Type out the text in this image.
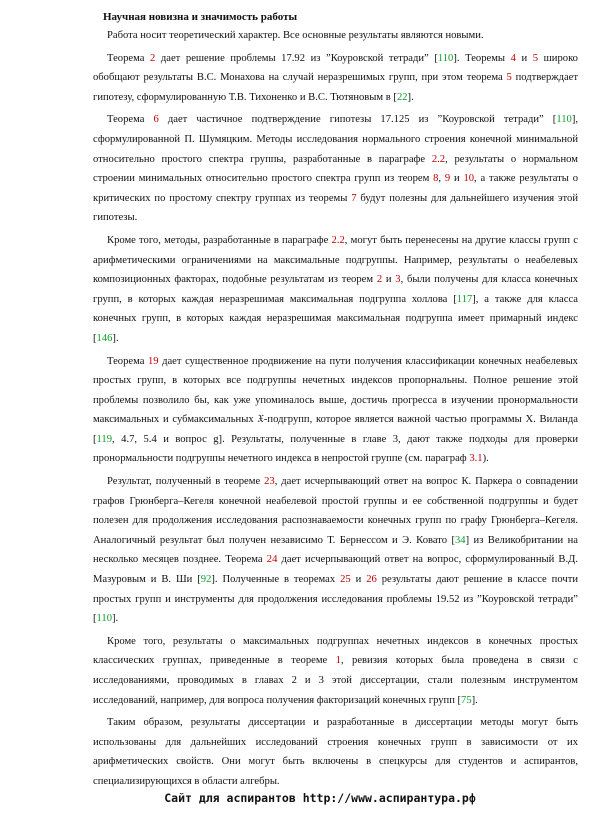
Научная новизна и значимость работы

Работа носит теоретический характер. Все основные результаты являются новыми.

Теорема 2 дает решение проблемы 17.92 из ”Коуровской тетради” [110]. Теоремы 4 и 5 широко обобщают результаты В.С. Монахова на случай неразрешимых групп, при этом теорема 5 подтверждает гипотезу, сформулированную Т.В. Тихоненко и В.С. Тютяновым в [22].

Теорема 6 дает частичное подтверждение гипотезы 17.125 из ”Коуровской тетради” [110], сформулированной П. Шумяцким. Методы исследования нормального строения конечной минимальной относительно простого спектра группы, разработанные в параграфе 2.2, результаты о нормальном строении минимальных относительно простого спектра групп из теорем 8, 9 и 10, а также результаты о критических по простому спектру группах из теоремы 7 будут полезны для дальнейшего изучения этой гипотезы.

Кроме того, методы, разработанные в параграфе 2.2, могут быть перенесены на другие классы групп с арифметическими ограничениями на максимальные подгруппы. Например, результаты о неабелевых композиционных факторах, подобные результатам из теорем 2 и 3, были получены для класса конечных групп, в которых каждая неразрешимая максимальная подгруппа холлова [117], а также для класса конечных групп, в которых каждая неразрешимая максимальная подгруппа имеет примарный индекс [146].

Теорема 19 дает существенное продвижение на пути получения классификации конечных неабелевых простых групп, в которых все подгруппы нечетных индексов пропорнальны. Полное решение этой проблемы позволило бы, как уже упоминалось выше, достичь прогресса в изучении пронормальности максимальных и субмаксимальных 𝔛-подгрупп, которое является важной частью программы Х. Виланда [119, 4.7, 5.4 и вопрос g]. Результаты, полученные в главе 3, дают также подходы для проверки пронормальности подгруппы нечетного индекса в непростой группе (см. параграф 3.1).

Результат, полученный в теореме 23, дает исчерпывающий ответ на вопрос К. Паркера о совпадении графов Грюнберга–Кегеля конечной неабелевой простой группы и ее собственной подгруппы и будет полезен для продолжения исследования распознаваемости конечных групп по графу Грюнберга–Кегеля. Аналогичный результат был получен независимо Т. Бернессом и Э. Ковато [34] из Великобритании на несколько месяцев позднее. Теорема 24 дает исчерпывающий ответ на вопрос, сформулированный В.Д. Мазуровым и В. Ши [92]. Полученные в теоремах 25 и 26 результаты дают решение в классе почти простых групп и инструменты для продолжения исследования проблемы 19.52 из ”Коуровской тетради” [110].

Кроме того, результаты о максимальных подгруппах нечетных индексов в конечных простых классических группах, приведенные в теореме 1, ревизия которых была проведена в связи с исследованиями, проводимых в главах 2 и 3 этой диссертации, стали полезным инструментом исследований, например, для вопроса получения факторизаций конечных групп [75].

Таким образом, результаты диссертации и разработанные в диссертации методы могут быть использованы для дальнейших исследований строения конечных групп в зависимости от их арифметических свойств. Они могут быть включены в спецкурсы для студентов и аспирантов, специализирующихся в области алгебры.

Сайт для аспирантов http://www.аспирантура.рф
